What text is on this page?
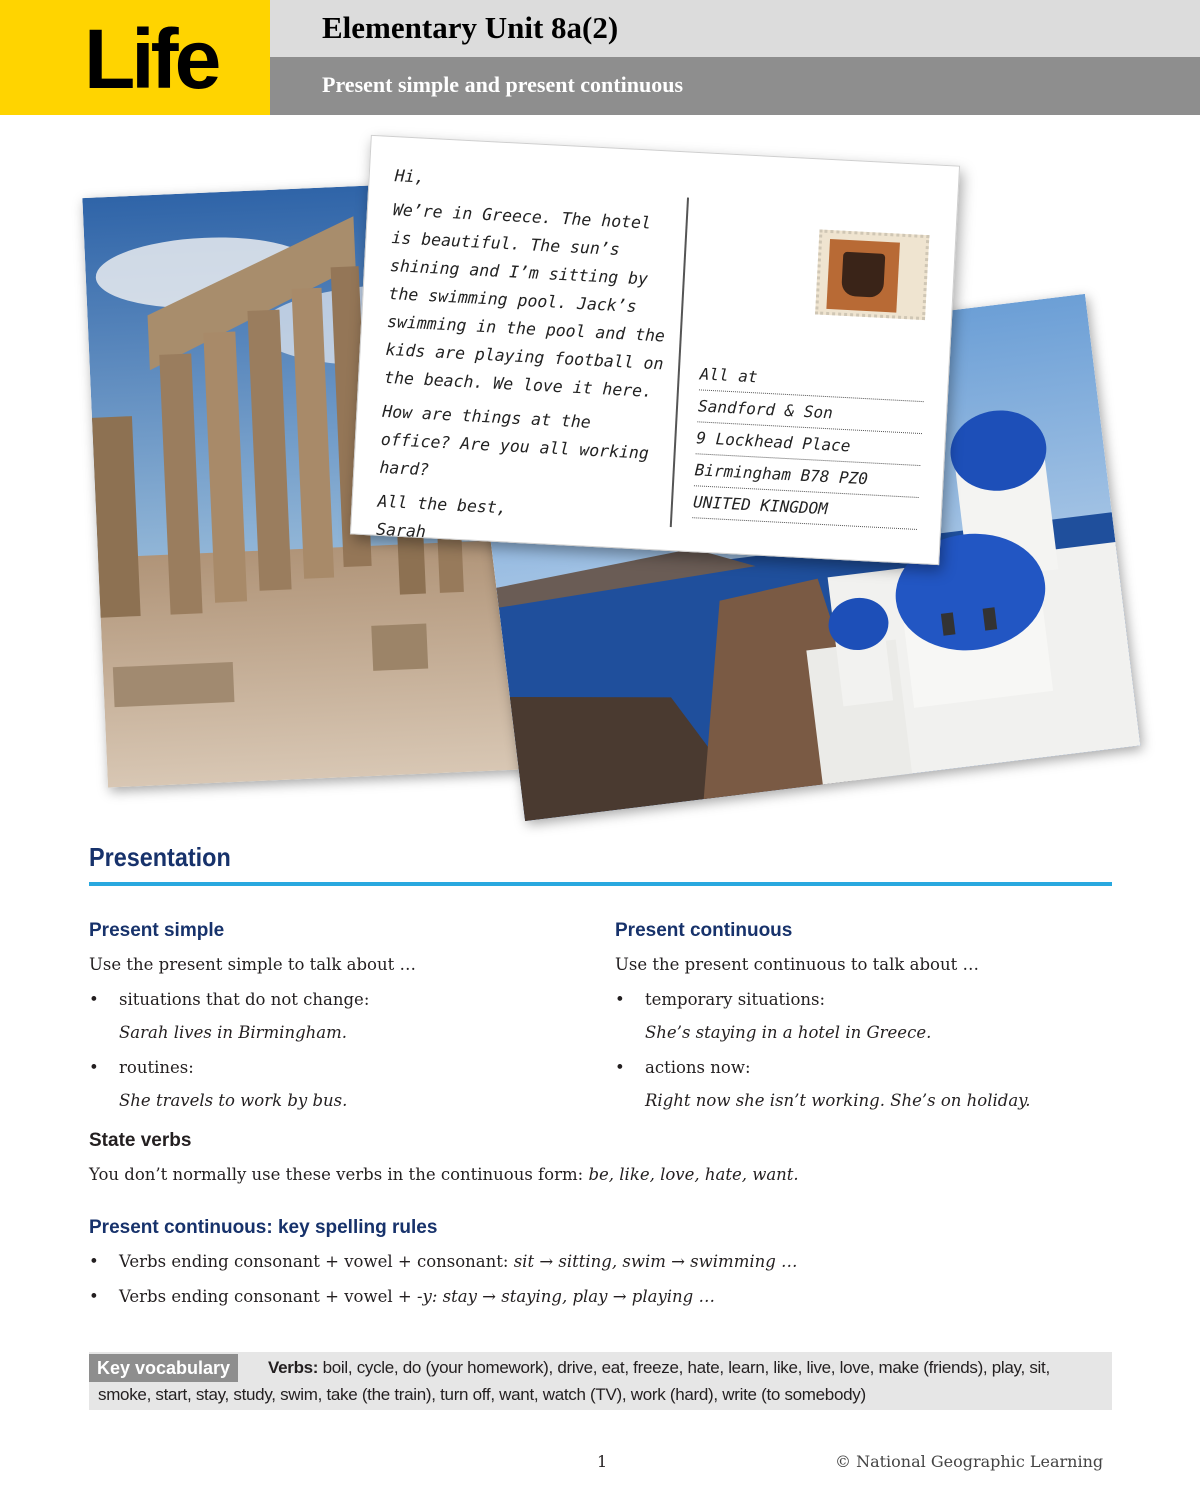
Life	Elementary Unit 8a(2)
Present simple and present continuous

Hi,

We’re in Greece. The hotel is beautiful. The sun’s shining and I’m sitting by the swimming pool. Jack’s swimming in the pool and the kids are playing football on the beach. We love it here.

How are things at the office? Are you all working hard?

All the best,

Sarah

All at
Sandford & Son
9 Lockhead Place
Birmingham B78 PZ0
UNITED KINGDOM
Presentation
Present simple
Use the present simple to talk about …
• situations that do not change:
Sarah lives in Birmingham.
• routines:
She travels to work by bus.
Present continuous
Use the present continuous to talk about …
• temporary situations:
She’s staying in a hotel in Greece.
• actions now:
Right now she isn’t working. She’s on holiday.
State verbs
You don’t normally use these verbs in the continuous form: be, like, love, hate, want.
Present continuous: key spelling rules
• Verbs ending consonant + vowel + consonant: sit → sitting, swim → swimming …
• Verbs ending consonant + vowel + -y: stay → staying, play → playing …
Verbs: boil, cycle, do (your homework), drive, eat, freeze, hate, learn, like, live, love, make (friends), play, sit, smoke, start, stay, study, swim, take (the train), turn off, want, watch (TV), work (hard), write (to somebody)
Key vocabulary
1	© National Geographic Learning
